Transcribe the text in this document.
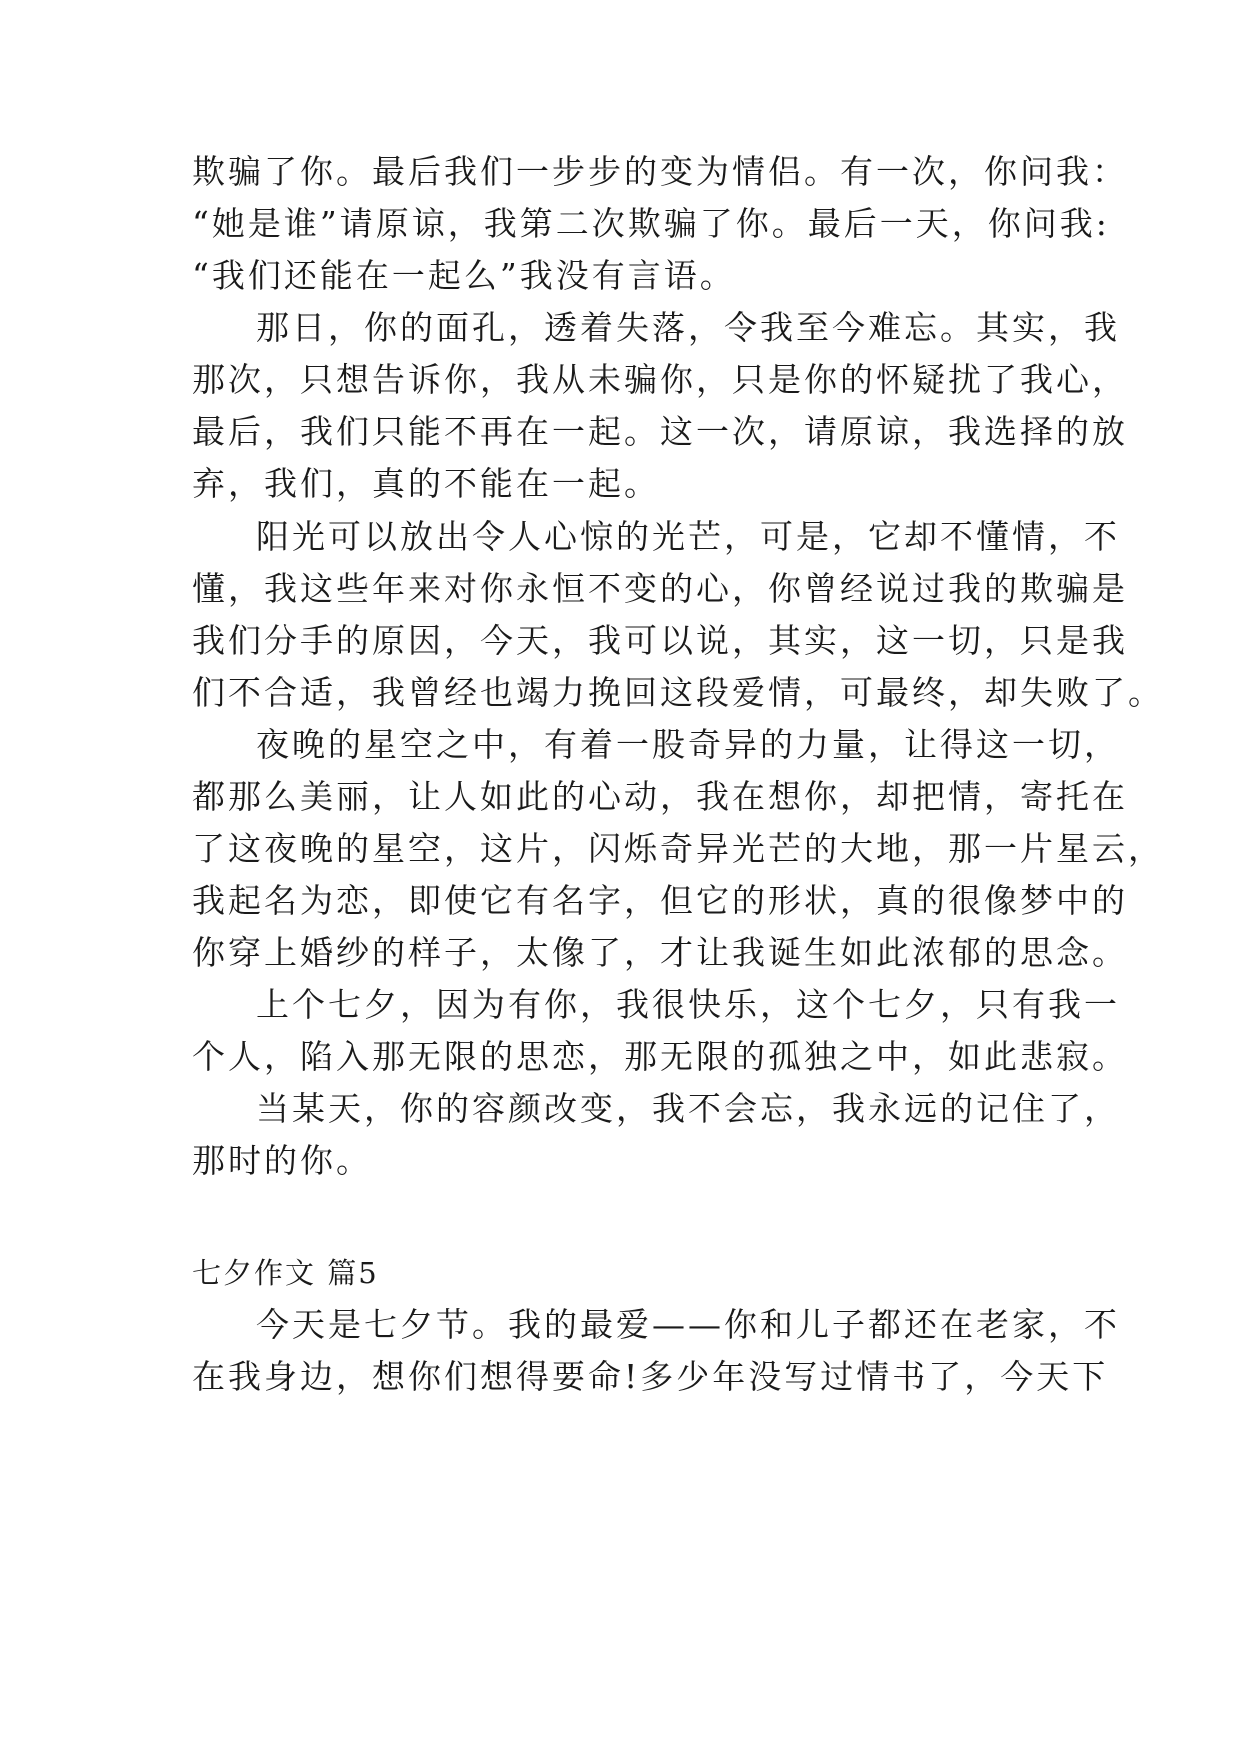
欺骗了你。最后我们一步步的变为情侣。有一次，你问我：
“她是谁”请原谅，我第二次欺骗了你。最后一天，你问我:
“我们还能在一起么”我没有言语。
那日，你的面孔，透着失落，令我至今难忘。其实，我
那次，只想告诉你，我从未骗你，只是你的怀疑扰了我心，
最后，我们只能不再在一起。这一次，请原谅，我选择的放
弃，我们，真的不能在一起。
阳光可以放出令人心惊的光芒，可是，它却不懂情，不
懂，我这些年来对你永恒不变的心，你曾经说过我的欺骗是
我们分手的原因，今天，我可以说，其实，这一切，只是我
们不合适，我曾经也竭力挽回这段爱情，可最终，却失败了。
夜晚的星空之中，有着一股奇异的力量，让得这一切，
都那么美丽，让人如此的心动，我在想你，却把情，寄托在
了这夜晚的星空，这片，闪烁奇异光芒的大地，那一片星云，
我起名为恋，即使它有名字，但它的形状，真的很像梦中的
你穿上婚纱的样子，太像了，才让我诞生如此浓郁的思念。
上个七夕，因为有你，我很快乐，这个七夕，只有我一
个人，陷入那无限的思恋，那无限的孤独之中，如此悲寂。
当某天，你的容颜改变，我不会忘，我永远的记住了，
那时的你。
七夕作文 篇5
今天是七夕节。我的最爱——你和儿子都还在老家，不
在我身边，想你们想得要命!多少年没写过情书了，今天下
